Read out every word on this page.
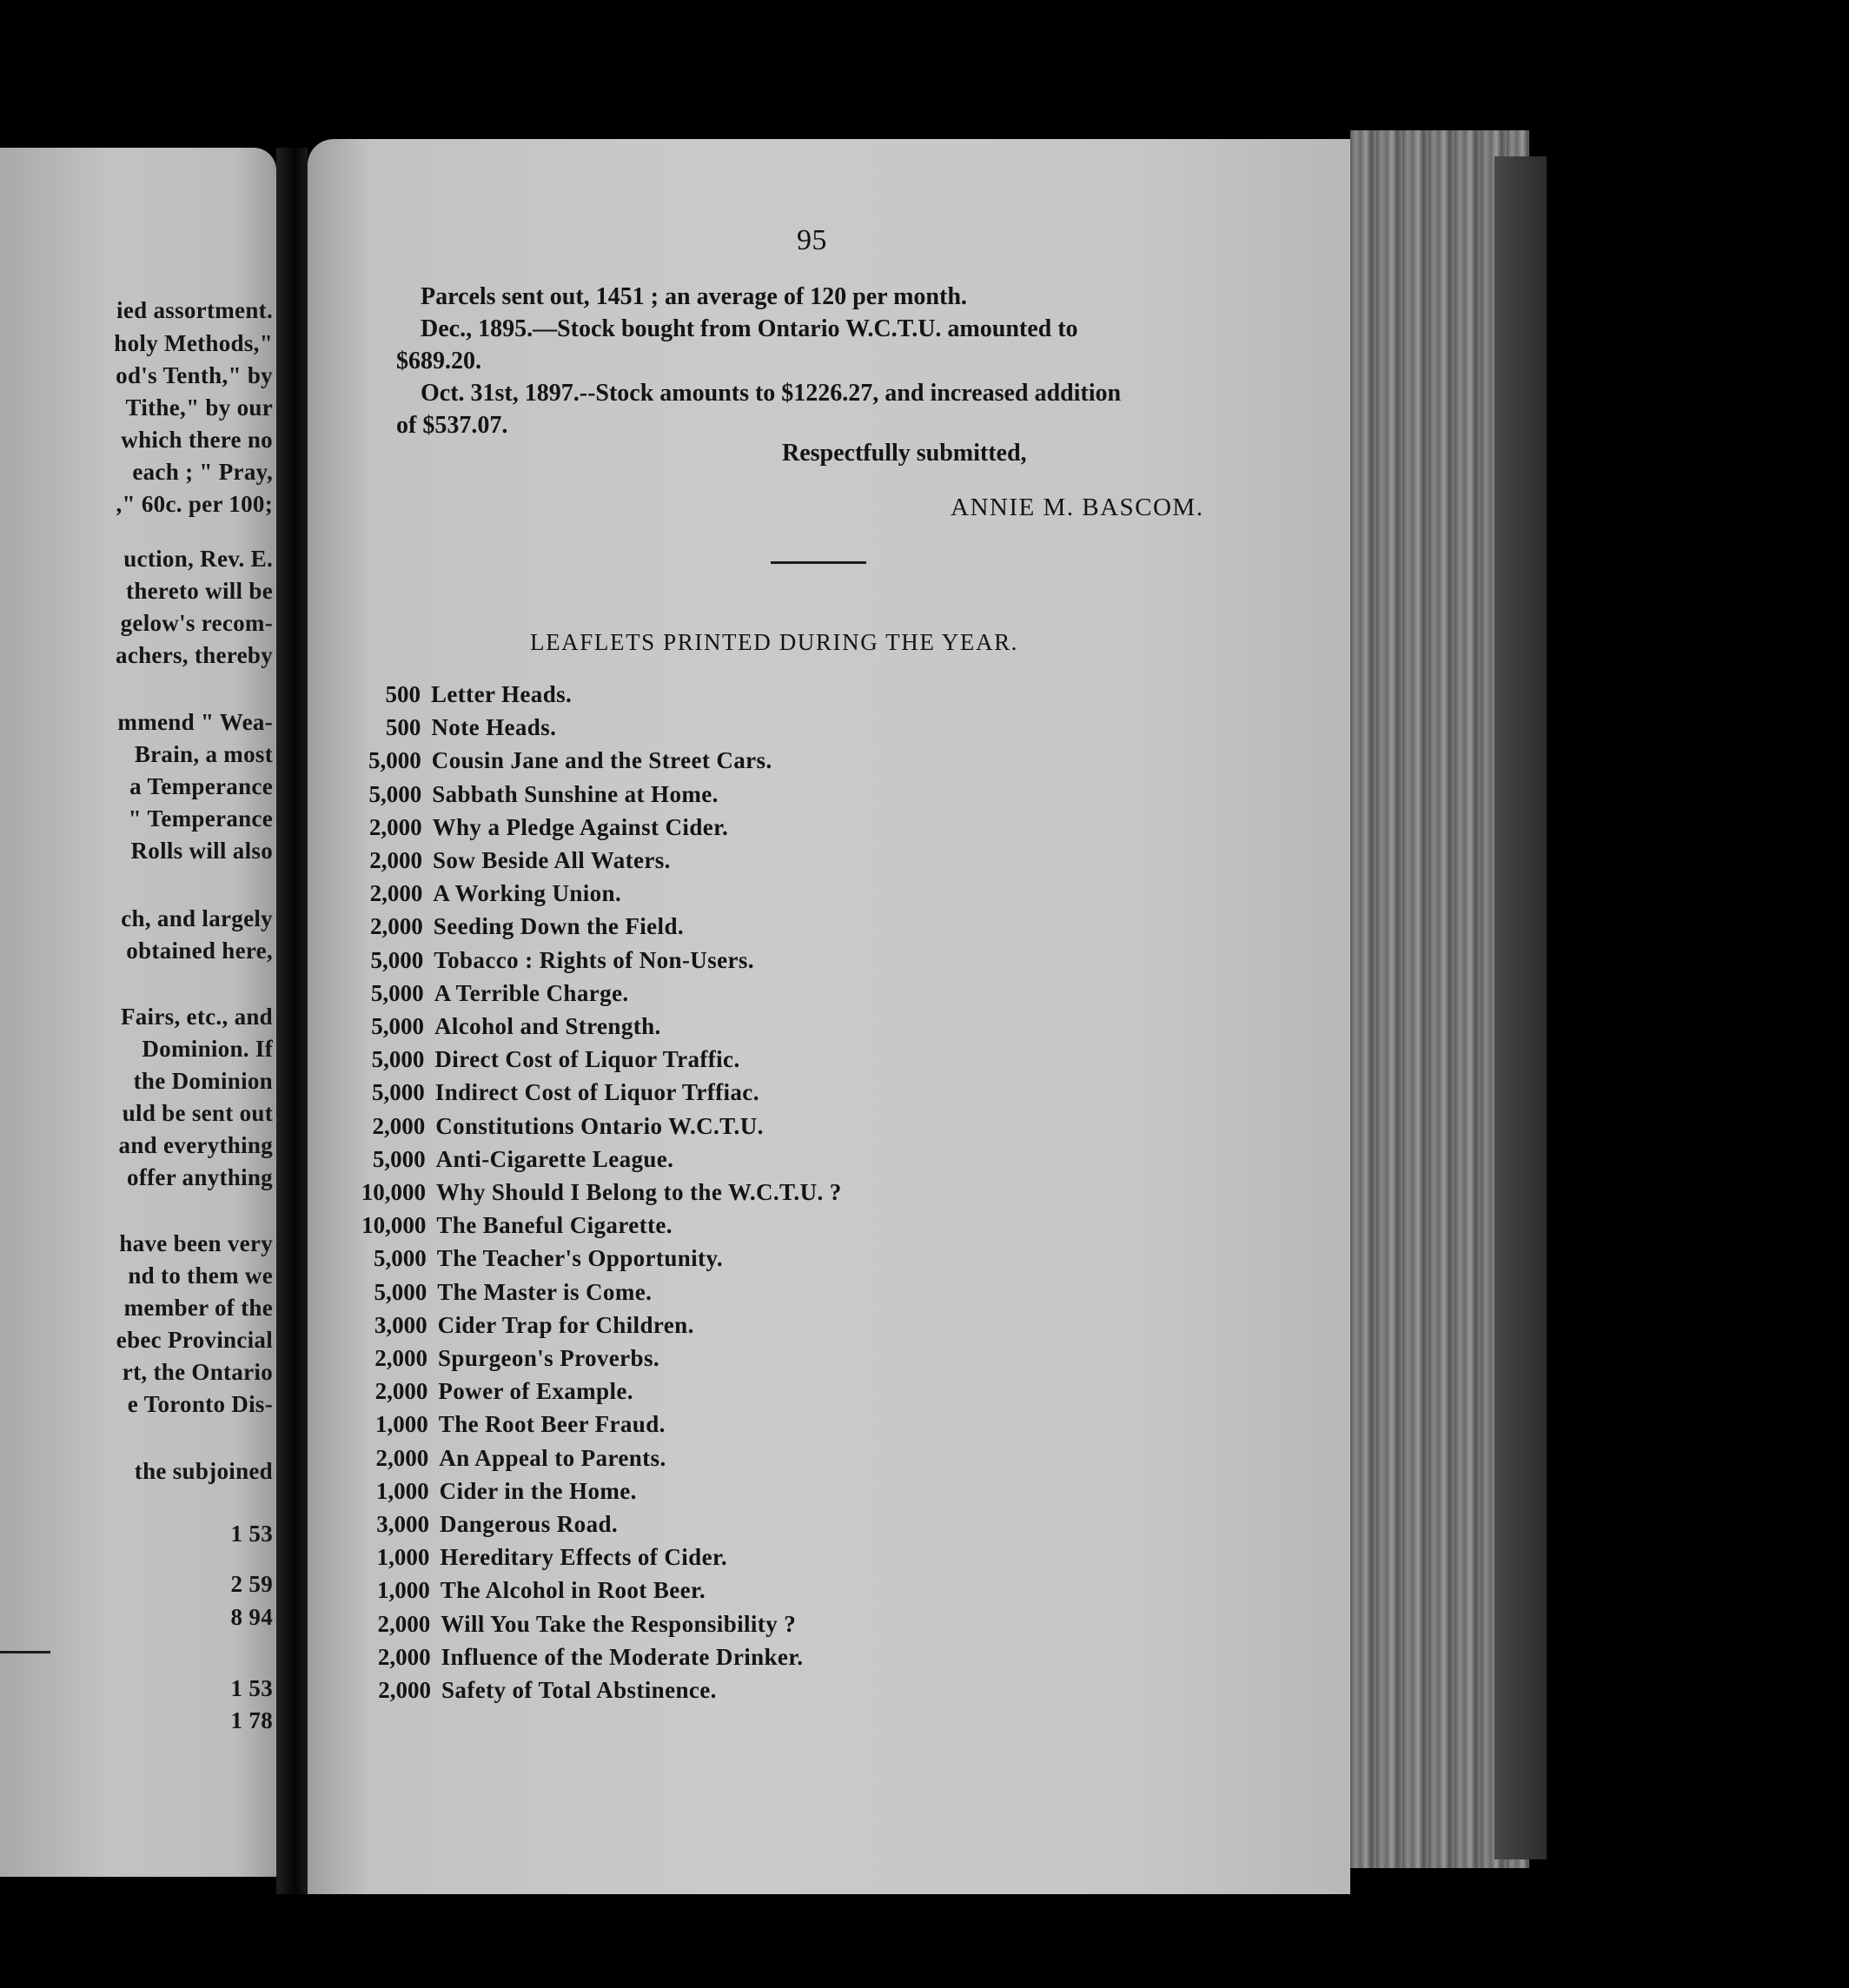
ied assortment.
holy Methods,"
od's Tenth," by
Tithe," by our
which there no
each ; " Pray,
," 60c. per 100;
uction, Rev. E.
thereto will be
gelow's recom-
achers, thereby
mmend " Wea-
Brain, a most
a Temperance
" Temperance
Rolls will also
ch, and largely
obtained here,
Fairs, etc., and
Dominion. If
the Dominion
uld be sent out
and everything
offer anything
have been very
nd to them we
member of the
ebec Provincial
rt, the Ontario
e Toronto Dis-
the subjoined
1 53
2 59
8 94
1 53
1 78
95
Parcels sent out, 1451 ; an average of 120 per month.
Dec., 1895.—Stock bought from Ontario W.C.T.U. amounted to
$689.20.
Oct. 31st, 1897.--Stock amounts to $1226.27, and increased addition
of $537.07.
Respectfully submitted,
ANNIE M. BASCOM.
LEAFLETS PRINTED DURING THE YEAR.
500 Letter Heads.
500 Note Heads.
5,000 Cousin Jane and the Street Cars.
5,000 Sabbath Sunshine at Home.
2,000 Why a Pledge Against Cider.
2,000 Sow Beside All Waters.
2,000 A Working Union.
2,000 Seeding Down the Field.
5,000 Tobacco : Rights of Non-Users.
5,000 A Terrible Charge.
5,000 Alcohol and Strength.
5,000 Direct Cost of Liquor Traffic.
5,000 Indirect Cost of Liquor Trffiac.
2,000 Constitutions Ontario W.C.T.U.
5,000 Anti-Cigarette League.
10,000 Why Should I Belong to the W.C.T.U. ?
10,000 The Baneful Cigarette.
5,000 The Teacher's Opportunity.
5,000 The Master is Come.
3,000 Cider Trap for Children.
2,000 Spurgeon's Proverbs.
2,000 Power of Example.
1,000 The Root Beer Fraud.
2,000 An Appeal to Parents.
1,000 Cider in the Home.
3,000 Dangerous Road.
1,000 Hereditary Effects of Cider.
1,000 The Alcohol in Root Beer.
2,000 Will You Take the Responsibility ?
2,000 Influence of the Moderate Drinker.
2,000 Safety of Total Abstinence.
